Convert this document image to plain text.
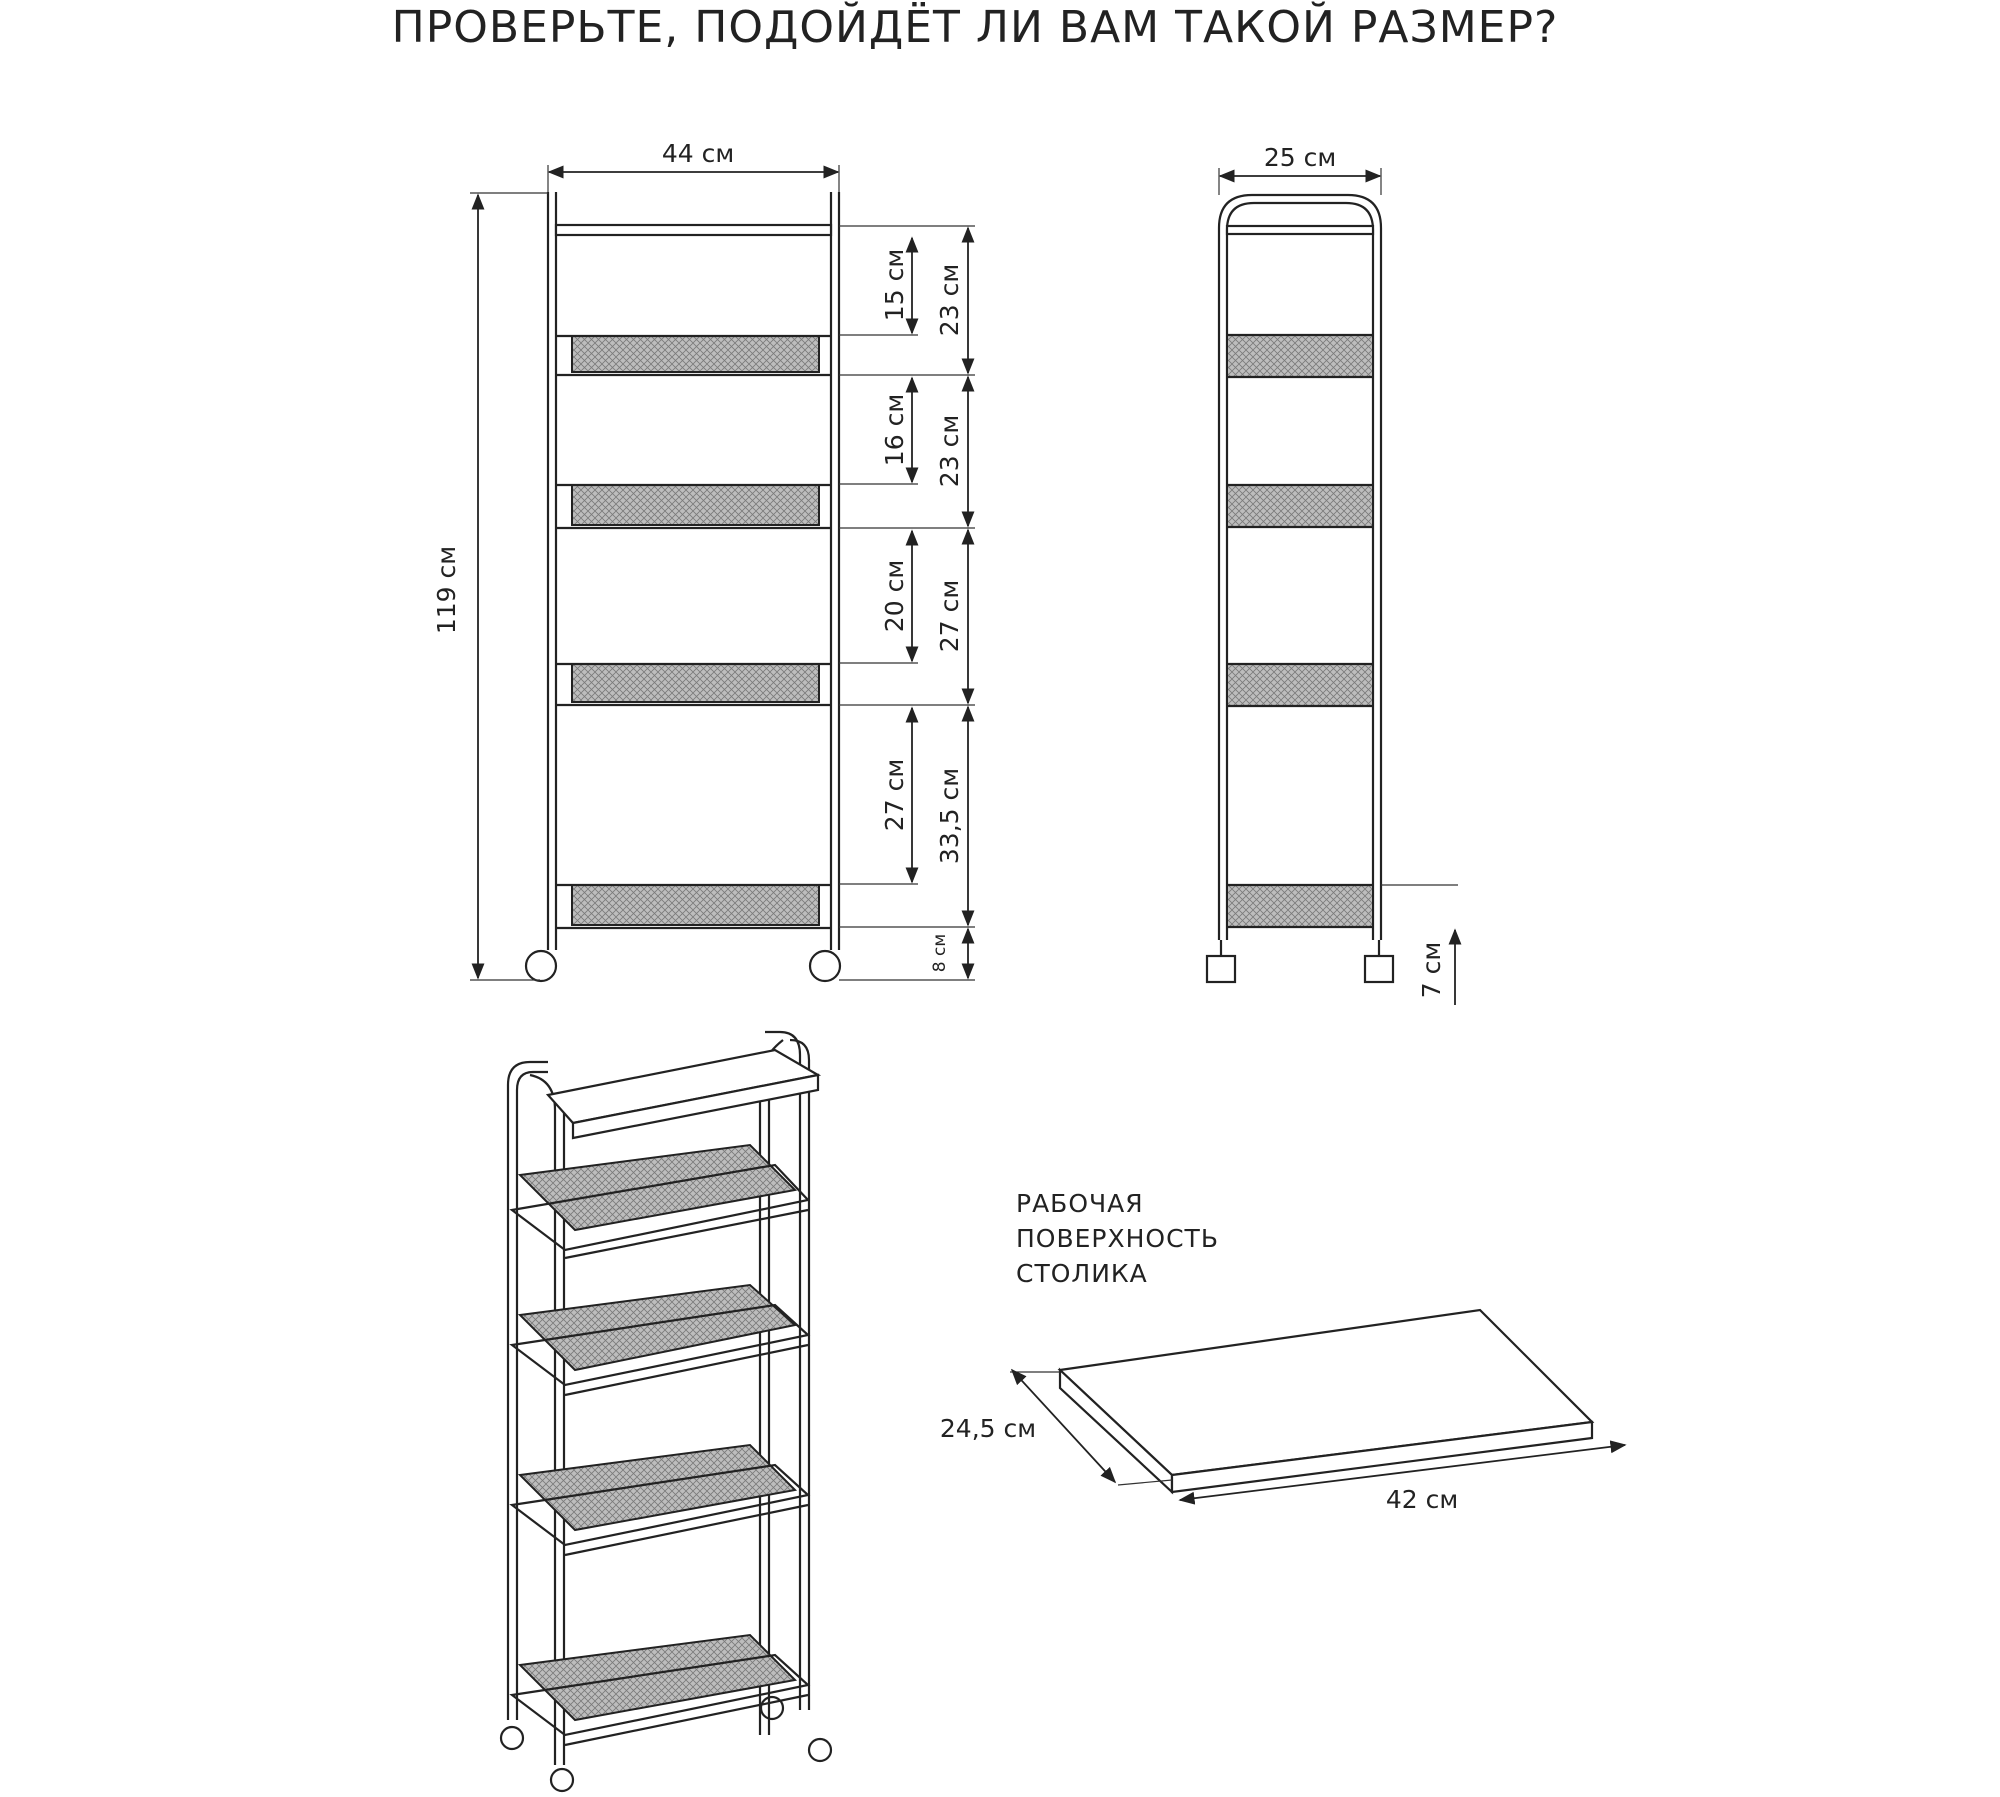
ПРОВЕРЬТЕ, ПОДОЙДЁТ ЛИ ВАМ ТАКОЙ РАЗМЕР?
44 см
119 см
15 см
16 см
20 см
27 см
23 см
23 см
27 см
33,5 см
8 см
25 см
7 см
РАБОЧАЯ
ПОВЕРХНОСТЬ
СТОЛИКА
24,5 см
42 см
